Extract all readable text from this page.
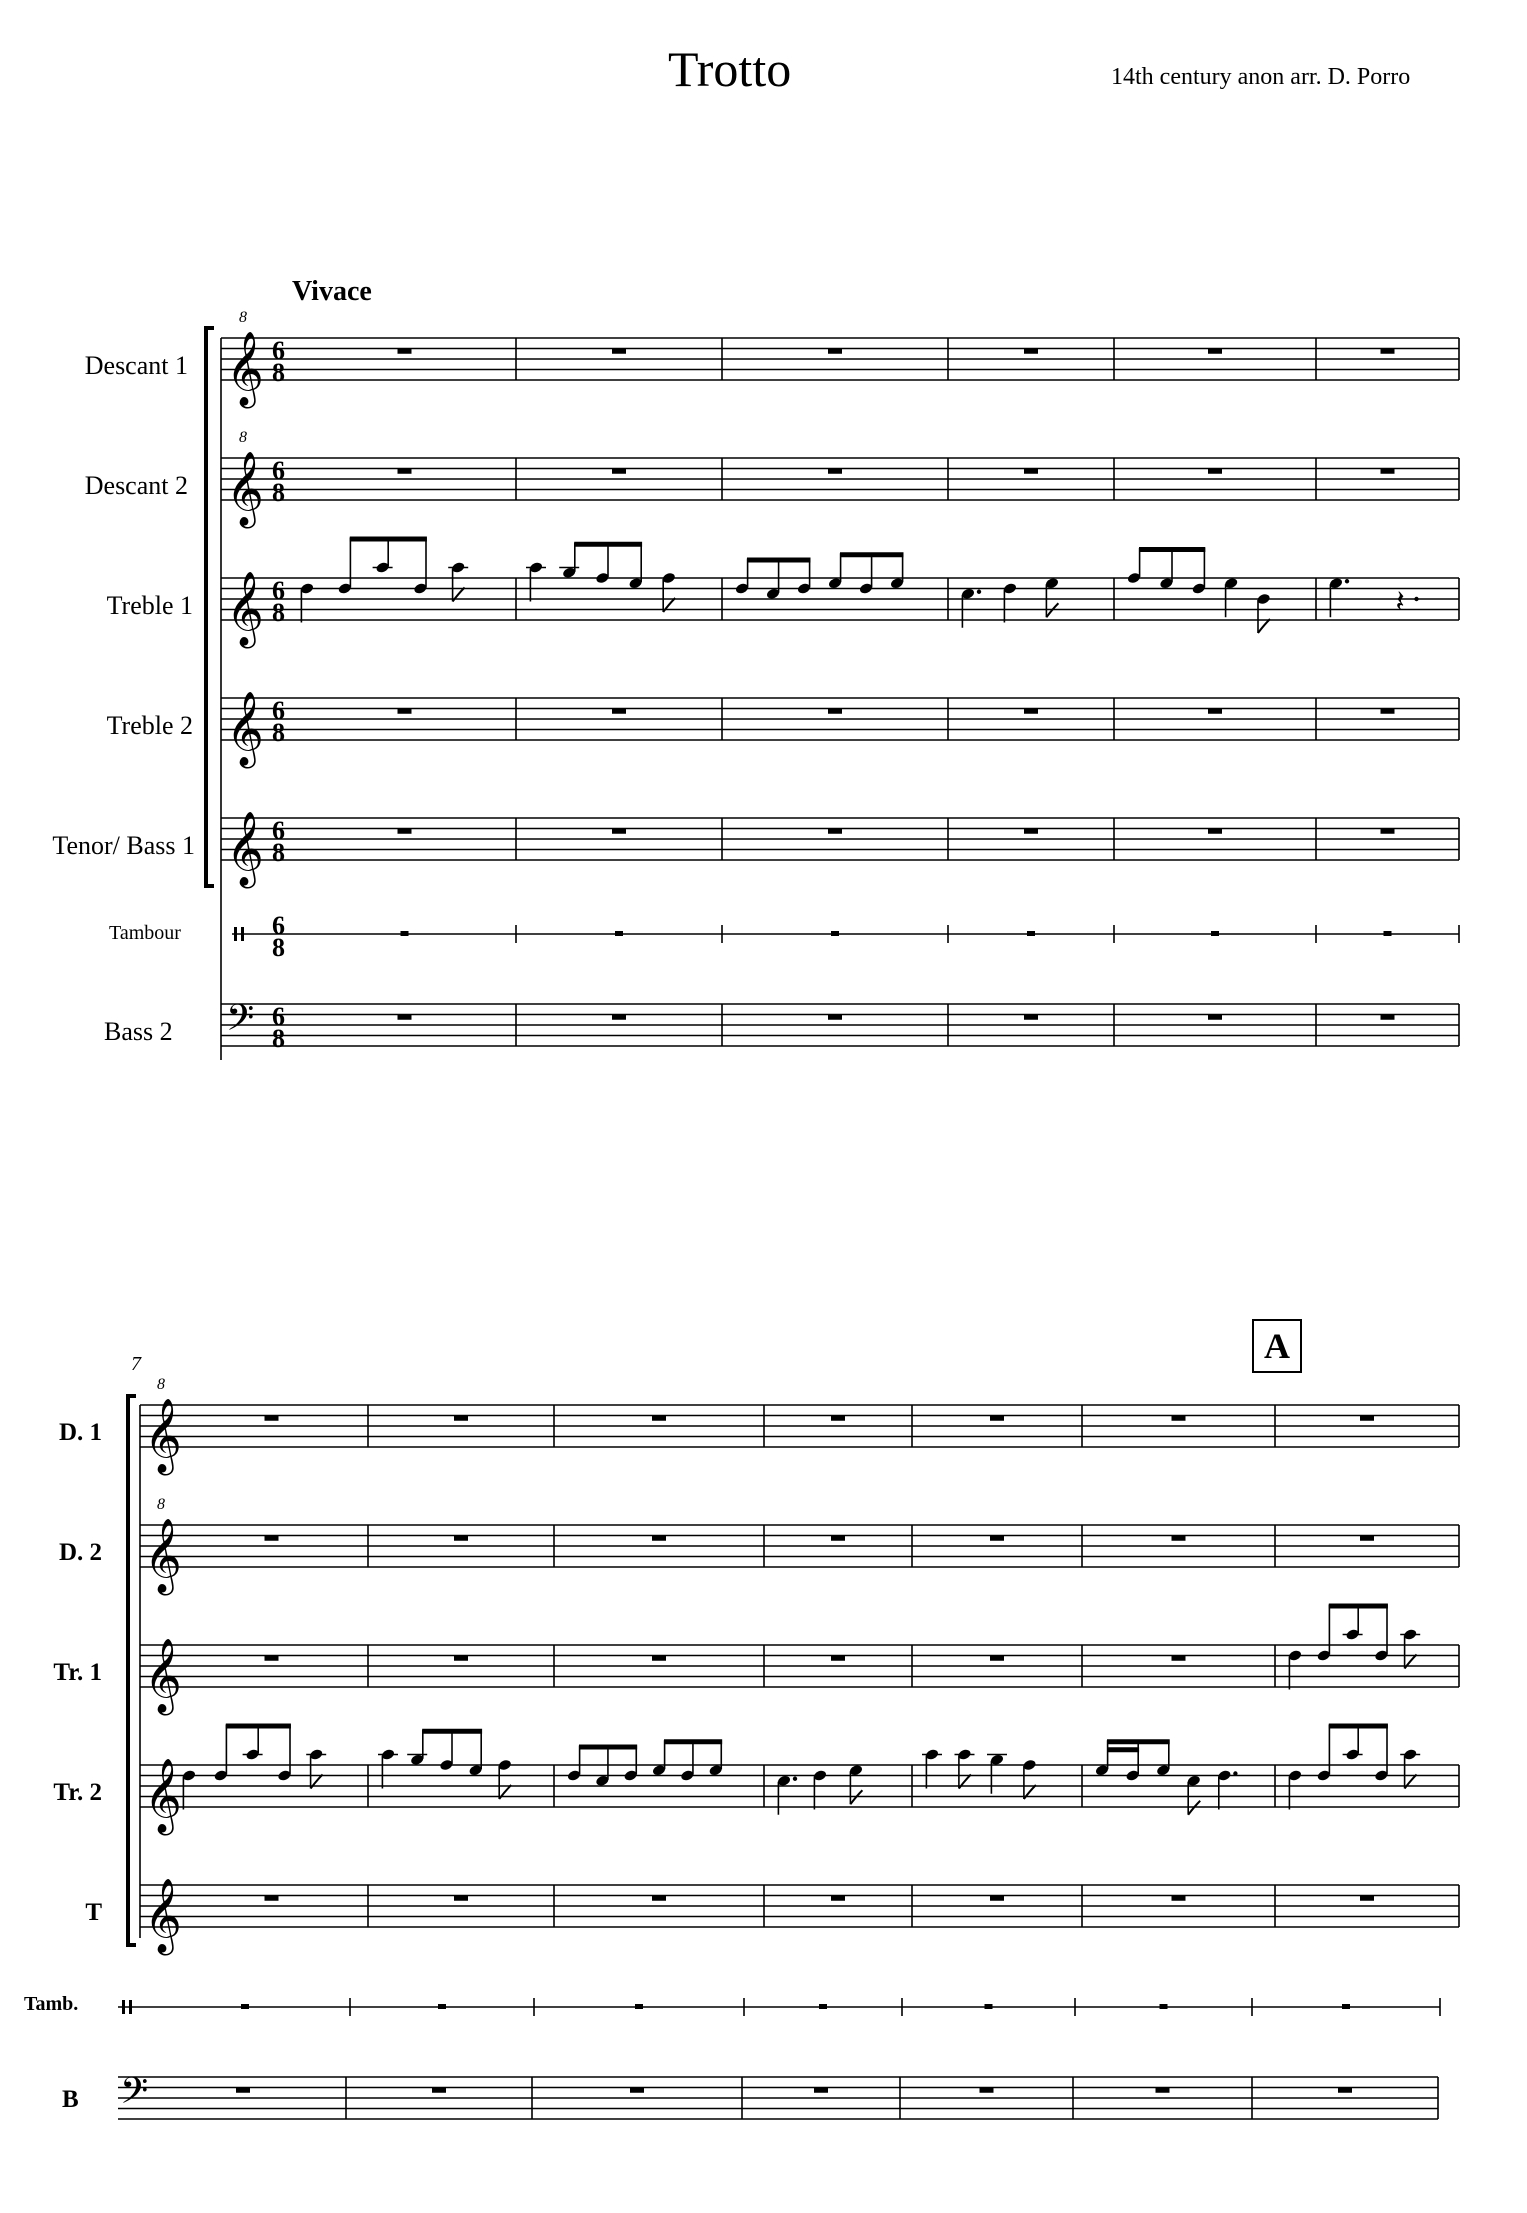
Trotto	14th century anon arr. D. Porro
Vivace
A
7
Descant 1
Descant 2
Treble 1
Treble 2
Tenor/ Bass 1
Tambour
Bass 2
D. 1
D. 2
Tr. 1
Tr. 2
T
Tamb.
B
𝄞
8
6
8
𝄞
8
6
8
𝄞 6
8	𝄽
𝄞 6
8
𝄞 6
8
6
8
𝄢 6
8
𝄞
8
𝄞
8
𝄞
𝄞
𝄞
𝄢
